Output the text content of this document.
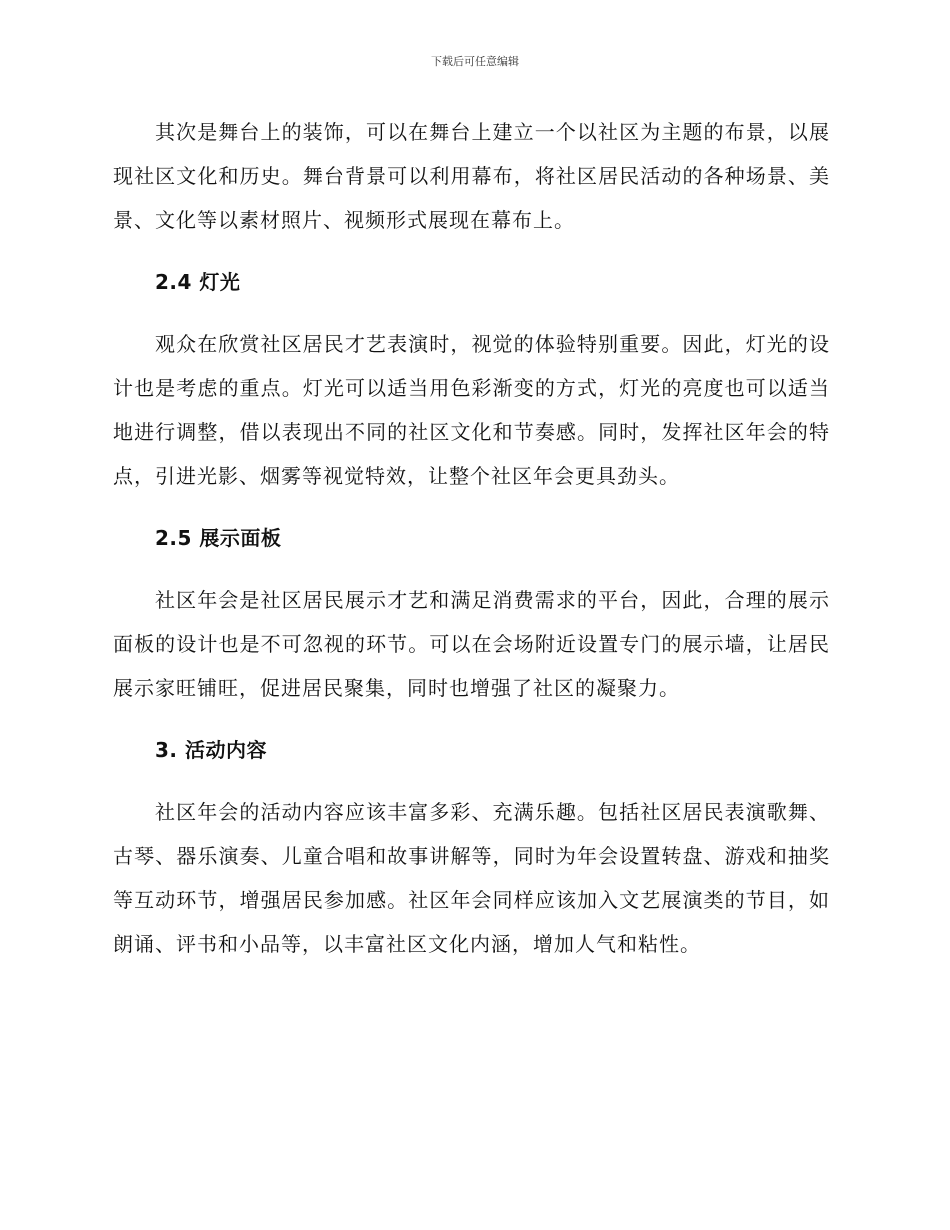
下载后可任意编辑

其次是舞台上的装饰，可以在舞台上建立一个以社区为主题的布景，以展现社区文化和历史。舞台背景可以利用幕布，将社区居民活动的各种场景、美景、文化等以素材照片、视频形式展现在幕布上。

2.4 灯光

观众在欣赏社区居民才艺表演时，视觉的体验特别重要。因此，灯光的设计也是考虑的重点。灯光可以适当用色彩渐变的方式，灯光的亮度也可以适当地进行调整，借以表现出不同的社区文化和节奏感。同时，发挥社区年会的特点，引进光影、烟雾等视觉特效，让整个社区年会更具劲头。

2.5 展示面板

社区年会是社区居民展示才艺和满足消费需求的平台，因此，合理的展示面板的设计也是不可忽视的环节。可以在会场附近设置专门的展示墙，让居民展示家旺铺旺，促进居民聚集，同时也增强了社区的凝聚力。

3. 活动内容

社区年会的活动内容应该丰富多彩、充满乐趣。包括社区居民表演歌舞、古琴、器乐演奏、儿童合唱和故事讲解等，同时为年会设置转盘、游戏和抽奖等互动环节，增强居民参加感。社区年会同样应该加入文艺展演类的节目，如朗诵、评书和小品等，以丰富社区文化内涵，增加人气和粘性。
